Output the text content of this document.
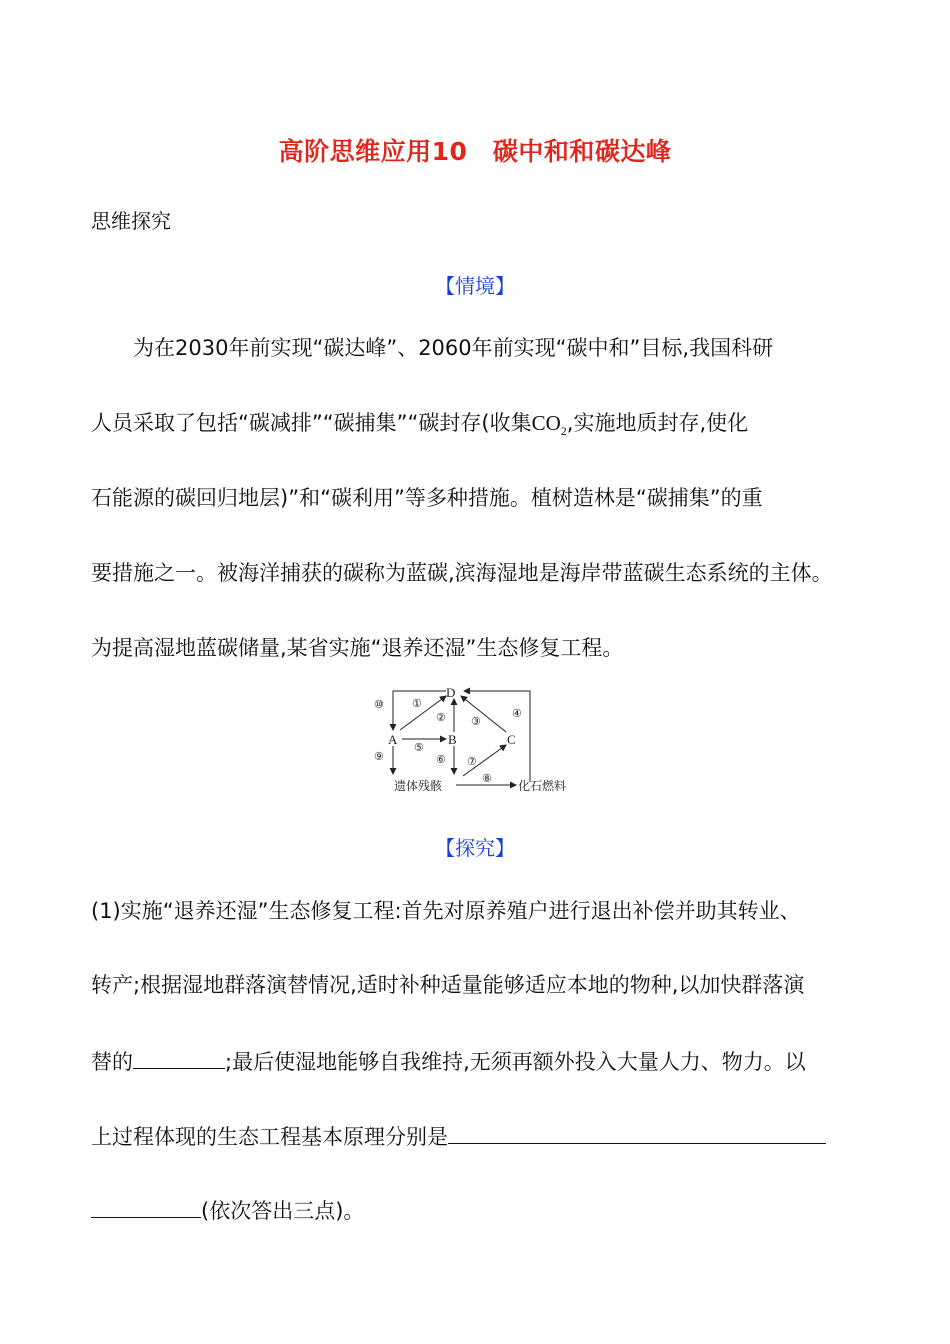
高阶思维应用10　碳中和和碳达峰
思维探究
【情境】
为在2030年前实现“碳达峰”、2060年前实现“碳中和”目标,我国科研
人员采取了包括“碳减排”“碳捕集”“碳封存(收集$CO_2$,实施地质封存,使化
石能源的碳回归地层)”和“碳利用”等多种措施。植树造林是“碳捕集”的重
要措施之一。被海洋捕获的碳称为蓝碳,滨海湿地是海岸带蓝碳生态系统的主体。
为提高湿地蓝碳储量,某省实施“退养还湿”生态修复工程。
D
A	B	C
遗体残骸	化石燃料
⑩	①
② ③
④
⑤
⑨	⑥ ⑦
⑧
【探究】
(1)实施“退养还湿”生态修复工程:首先对原养殖户进行退出补偿并助其转业、
转产;根据湿地群落演替情况,适时补种适量能够适应本地的物种,以加快群落演
替的	;最后使湿地能够自我维持,无须再额外投入大量人力、物力。以
上过程体现的生态工程基本原理分别是
(依次答出三点)。
